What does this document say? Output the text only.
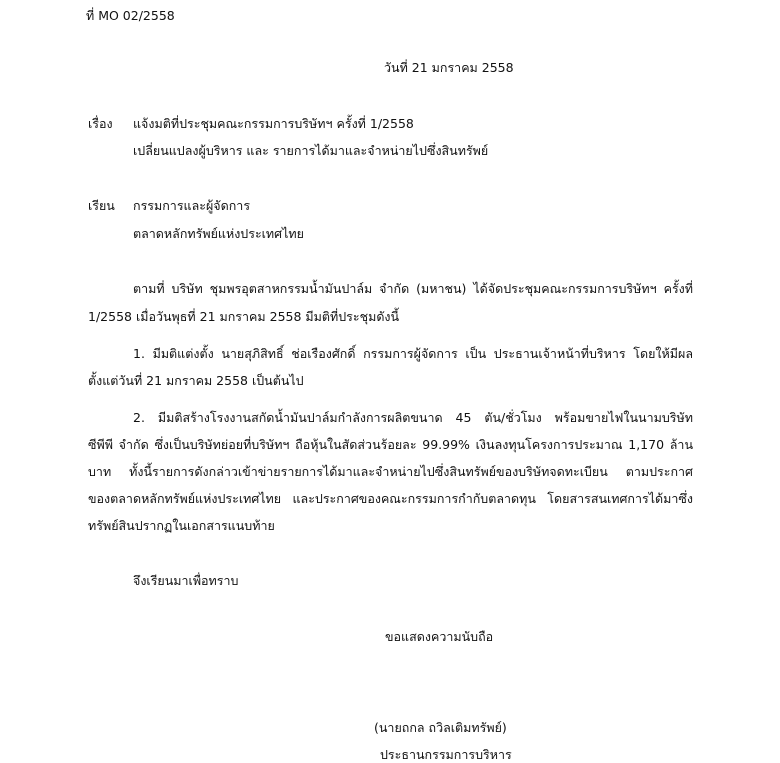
ที่ MO 02/2558
วันที่ 21 มกราคม 2558
เรื่อง แจ้งมติที่ประชุมคณะกรรมการบริษัทฯ ครั้งที่ 1/2558
เปลี่ยนแปลงผู้บริหาร และ รายการได้มาและจำหน่ายไปซึ่งสินทรัพย์
เรียน กรรมการและผู้จัดการ
ตลาดหลักทรัพย์แห่งประเทศไทย
ตามที่ บริษัท ชุมพรอุตสาหกรรมน้ำมันปาล์ม จำกัด (มหาชน) ได้จัดประชุมคณะกรรมการบริษัทฯ ครั้งที่
1/2558 เมื่อวันพุธที่ 21 มกราคม 2558 มีมติที่ประชุมดังนี้
1. มีมติแต่งตั้ง นายสุภิสิทธิ์ ช่อเรืองศักดิ์ กรรมการผู้จัดการ เป็น ประธานเจ้าหน้าที่บริหาร โดยให้มีผล
ตั้งแต่วันที่ 21 มกราคม 2558 เป็นต้นไป
2. มีมติสร้างโรงงานสกัดน้ำมันปาล์มกำลังการผลิตขนาด 45 ตัน/ชั่วโมง พร้อมขายไฟในนามบริษัท
ซีพีพี จำกัด ซึ่งเป็นบริษัทย่อยที่บริษัทฯ ถือหุ้นในสัดส่วนร้อยละ 99.99% เงินลงทุนโครงการประมาณ 1,170 ล้าน
บาท ทั้งนี้รายการดังกล่าวเข้าข่ายรายการได้มาและจำหน่ายไปซึ่งสินทรัพย์ของบริษัทจดทะเบียน ตามประกาศ
ของตลาดหลักทรัพย์แห่งประเทศไทย และประกาศของคณะกรรมการกำกับตลาดทุน โดยสารสนเทศการได้มาซึ่ง
ทรัพย์สินปรากฏในเอกสารแนบท้าย
จึงเรียนมาเพื่อทราบ
ขอแสดงความนับถือ
(นายถกล ถวิลเติมทรัพย์)
ประธานกรรมการบริหาร
